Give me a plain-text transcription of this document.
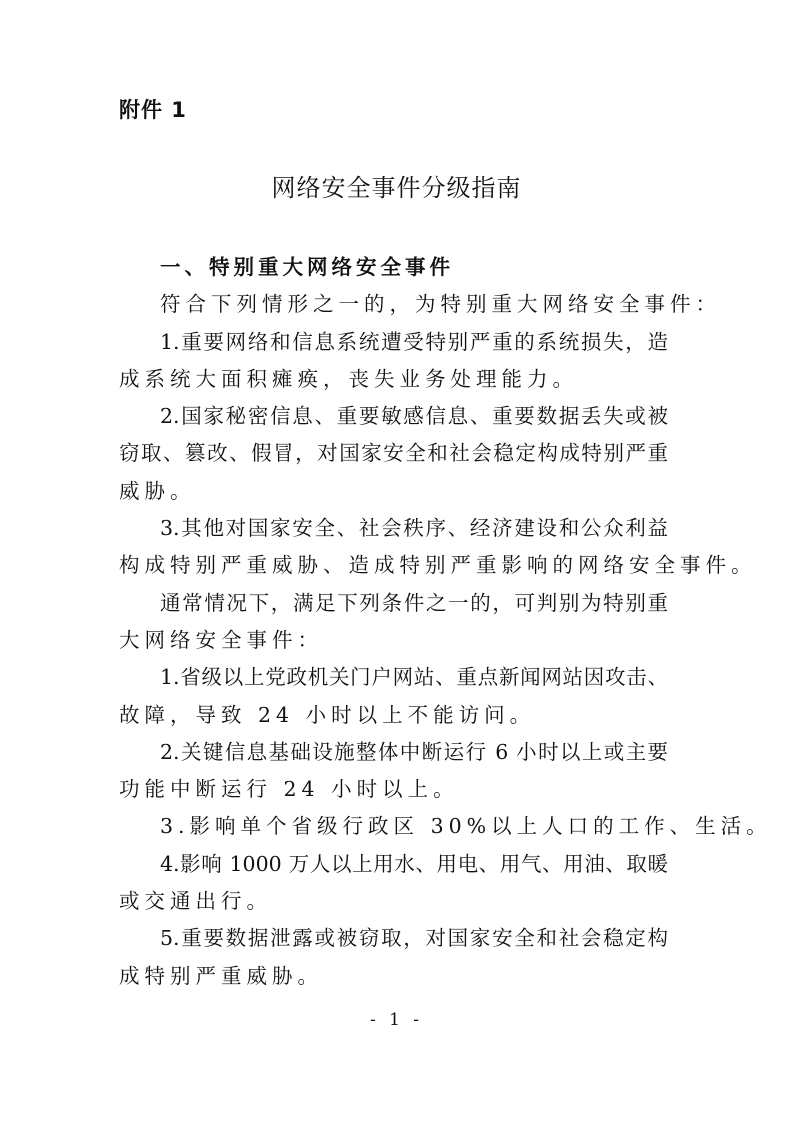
附件 1
网络安全事件分级指南
一、特别重大网络安全事件
符合下列情形之一的，为特别重大网络安全事件：
1.重要网络和信息系统遭受特别严重的系统损失，造
成系统大面积瘫痪，丧失业务处理能力。
2.国家秘密信息、重要敏感信息、重要数据丢失或被
窃取、篡改、假冒，对国家安全和社会稳定构成特别严重
威胁。
3.其他对国家安全、社会秩序、经济建设和公众利益
构成特别严重威胁、造成特别严重影响的网络安全事件。
通常情况下，满足下列条件之一的，可判别为特别重
大网络安全事件：
1.省级以上党政机关门户网站、重点新闻网站因攻击、
故障，导致 24 小时以上不能访问。
2.关键信息基础设施整体中断运行 6 小时以上或主要
功能中断运行 24 小时以上。
3.影响单个省级行政区 30%以上人口的工作、生活。
4.影响 1000 万人以上用水、用电、用气、用油、取暖
或交通出行。
5.重要数据泄露或被窃取，对国家安全和社会稳定构
成特别严重威胁。
- 1 -
